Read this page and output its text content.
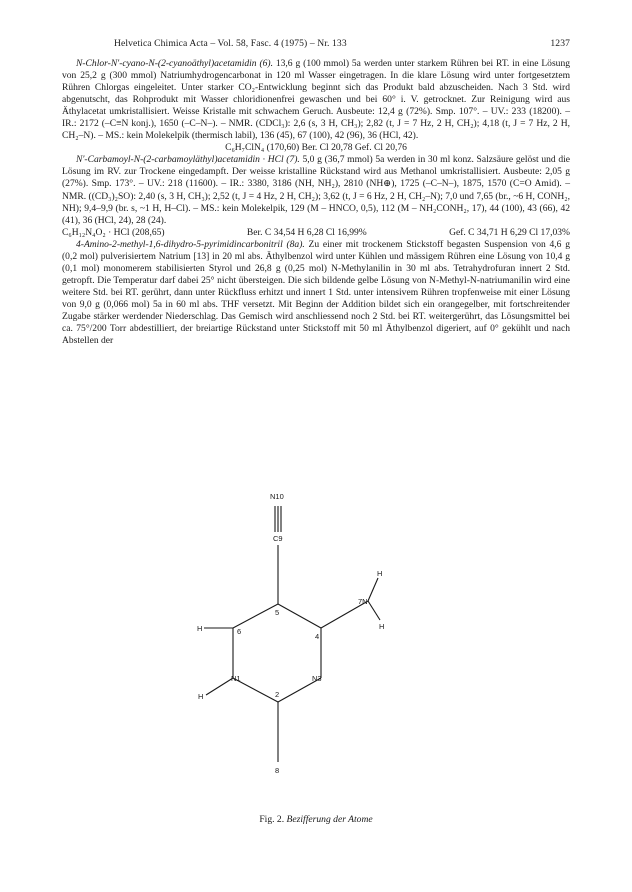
Helvetica Chimica Acta – Vol. 58, Fasc. 4 (1975) – Nr. 133	1237

N-Chlor-N'-cyano-N-(2-cyanoäthyl)acetamidin (6). 13,6 g (100 mmol) 5a werden unter starkem Rühren bei RT. in eine Lösung von 25,2 g (300 mmol) Natriumhydrogencarbonat in 120 ml Wasser eingetragen. In die klare Lösung wird unter fortgesetztem Rühren Chlorgas eingeleitet. Unter starker CO₂-Entwicklung beginnt sich das Produkt bald abzuscheiden. Nach 3 Std. wird abgenutscht, das Rohprodukt mit Wasser chloridionenfrei gewaschen und bei 60° i. V. getrocknet. Zur Reinigung wird aus Äthylacetat umkristallisiert. Weisse Kristalle mit schwachem Geruch. Ausbeute: 12,4 g (72%). Smp. 107°. – UV.: 233 (18200). – IR.: 2172 (–C≡N konj.), 1650 (–C–N–). – NMR. (CDCl₃): 2,6 (s, 3 H, CH₃); 2,82 (t, J = 7 Hz, 2 H, CH₂); 4,18 (t, J = 7 Hz, 2 H, CH₂–N). – MS.: kein Molekelpik (thermisch labil), 136 (45), 67 (100), 42 (96), 36 (HCl, 42).

C₆H₇ClN₄ (170,60) Ber. Cl 20,78 Gef. Cl 20,76

N'-Carbamoyl-N-(2-carbamoyläthyl)acetamidin · HCl (7). 5,0 g (36,7 mmol) 5a werden in 30 ml konz. Salzsäure gelöst und die Lösung im RV. zur Trockene eingedampft. Der weisse kristalline Rückstand wird aus Methanol umkristallisiert. Ausbeute: 2,05 g (27%). Smp. 173°. – UV.: 218 (11600). – IR.: 3380, 3186 (NH, NH₂), 2810 (NH⊕), 1725 (–C–N–), 1875, 1570 (C=O Amid). – NMR. ((CD₃)₂SO): 2,40 (s, 3 H, CH₃); 2,52 (t, J = 4 Hz, 2 H, CH₂); 3,62 (t, J = 6 Hz, 2 H, CH₂–N); 7,0 und 7,65 (br., ~6 H, CONH₂, NH); 9,4–9,9 (br. s, ~1 H, H–Cl). – MS.: kein Molekelpik, 129 (M – HNCO, 0,5), 112 (M – NH₂CONH₂, 17), 44 (100), 43 (66), 42 (41), 36 (HCl, 24), 28 (24).

C₆H₁₂N₄O₂ · HCl (208,65)	Ber. C 34,54 H 6,28 Cl 16,99%	Gef. C 34,71 H 6,29 Cl 17,03%

4-Amino-2-methyl-1,6-dihydro-5-pyrimidincarbonitril (8a). Zu einer mit trockenem Stickstoff begasten Suspension von 4,6 g (0,2 mol) pulverisiertem Natrium [13] in 20 ml abs. Äthylbenzol wird unter Kühlen und mässigem Rühren eine Lösung von 10,4 g (0,1 mol) monomerem stabilisierten Styrol und 26,8 g (0,25 mol) N-Methylanilin in 30 ml abs. Tetrahydrofuran innert 2 Std. getropft. Die Temperatur darf dabei 25° nicht übersteigen. Die sich bildende gelbe Lösung von N-Methyl-N-natriumanilin wird eine weitere Std. bei RT. gerührt, dann unter Rückfluss erhitzt und innert 1 Std. unter intensivem Rühren tropfenweise mit einer Lösung von 9,0 g (0,066 mol) 5a in 60 ml abs. THF versetzt. Mit Beginn der Addition bildet sich ein orangegelber, mit fortschreitender Zugabe stärker werdender Niederschlag. Das Gemisch wird anschliessend noch 2 Std. bei RT. weitergerührt, das Lösungsmittel bei ca. 75°/200 Torr abdestilliert, der breiartige Rückstand unter Stickstoff mit 50 ml Äthylbenzol digeriert, auf 0° gekühlt und nach Abstellen der

N10
C9
5
4
6
N1	N3
2
7N
8
H
H
H
H
Fig. 2. Bezifferung der Atome
